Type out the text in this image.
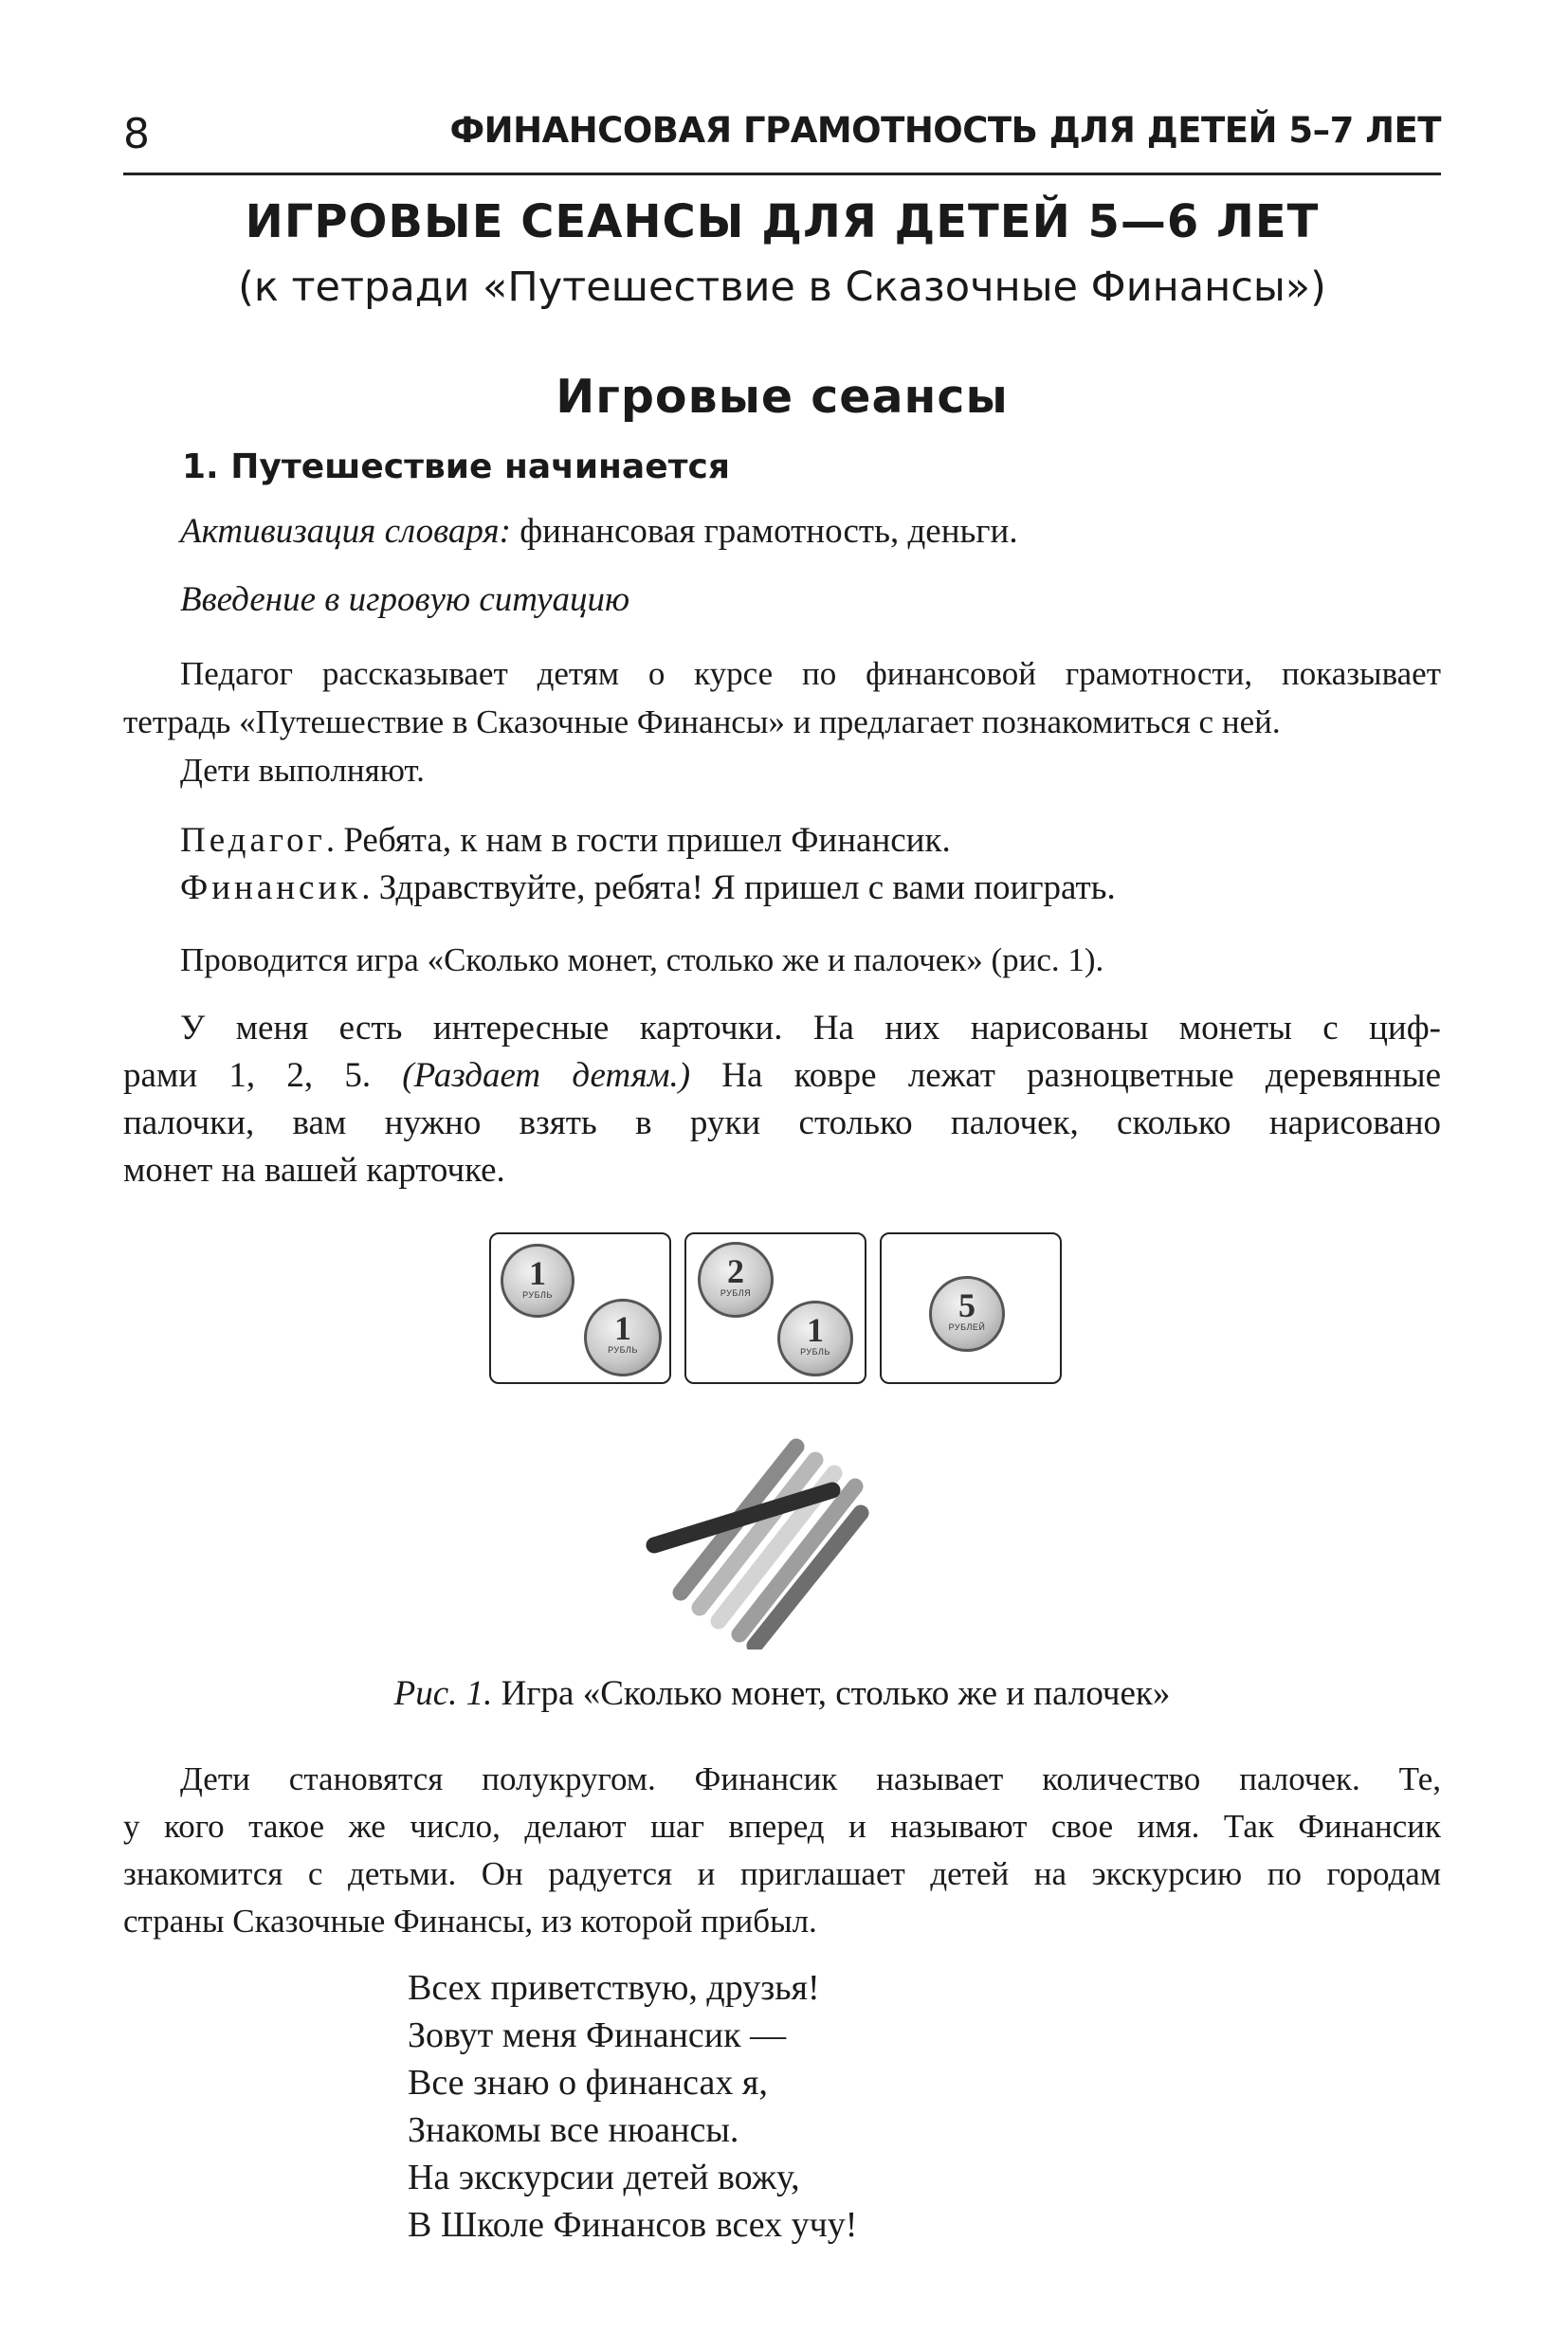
8	ФИНАНСОВАЯ ГРАМОТНОСТЬ ДЛЯ ДЕТЕЙ 5–7 ЛЕТ
ИГРОВЫЕ СЕАНСЫ ДЛЯ ДЕТЕЙ 5—6 ЛЕТ
(к тетради «Путешествие в Сказочные Финансы»)
Игровые сеансы
1. Путешествие начинается
Активизация словаря: финансовая грамотность, деньги.
Введение в игровую ситуацию
Педагог рассказывает детям о курсе по финансовой грамотности, показывает
тетрадь «Путешествие в Сказочные Финансы» и предлагает познакомиться с ней.
Дети выполняют.
Педагог. Ребята, к нам в гости пришел Финансик.
Финансик. Здравствуйте, ребята! Я пришел с вами поиграть.
Проводится игра «Сколько монет, столько же и палочек» (рис. 1).
У меня есть интересные карточки. На них нарисованы монеты с циф-
рами 1, 2, 5. (Раздает детям.) На ковре лежат разноцветные деревянные
палочки, вам нужно взять в руки столько палочек, сколько нарисовано
монет на вашей карточке.
1
РУБЛЬ
1
РУБЛЬ
2
РУБЛЯ
1
РУБЛЬ
5
РУБЛЕЙ
Рис. 1. Игра «Сколько монет, столько же и палочек»
Дети становятся полукругом. Финансик называет количество палочек. Те,
у кого такое же число, делают шаг вперед и называют свое имя. Так Финансик
знакомится с детьми. Он радуется и приглашает детей на экскурсию по городам
страны Сказочные Финансы, из которой прибыл.
Всех приветствую, друзья!
Зовут меня Финансик —
Все знаю о финансах я,
Знакомы все нюансы.
На экскурсии детей вожу,
В Школе Финансов всех учу!
